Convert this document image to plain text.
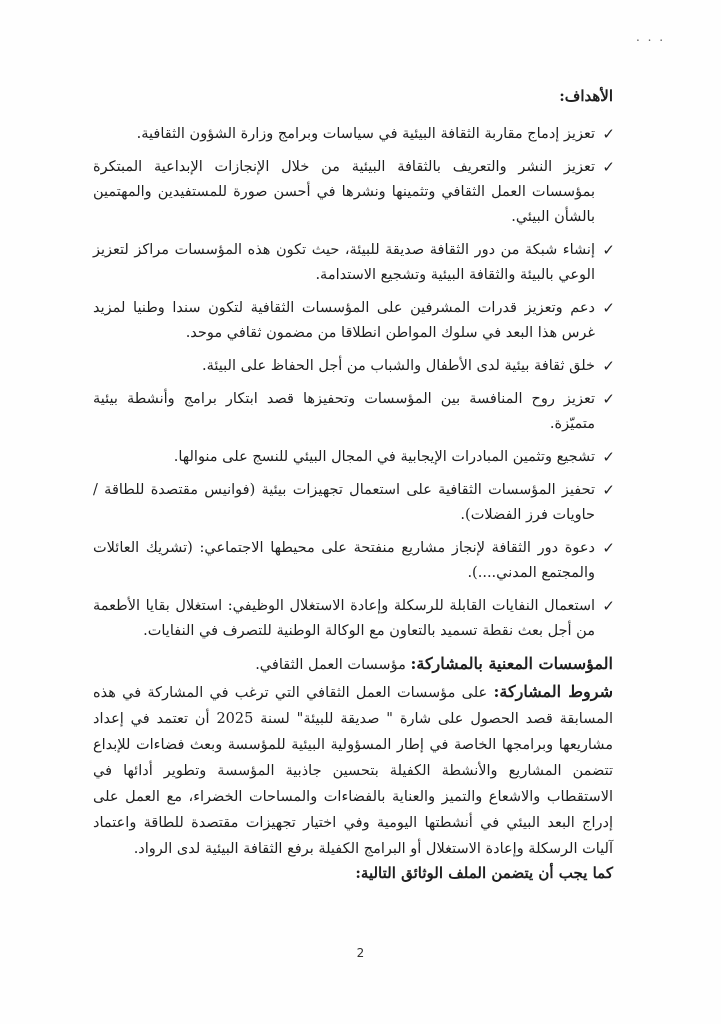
. . .
الأهداف:
✓
تعزيز إدماج مقاربة الثقافة البيئية في سياسات وبرامج وزارة الشؤون الثقافية.
✓
تعزيز النشر والتعريف بالثقافة البيئية من خلال الإنجازات الإبداعية المبتكرة بمؤسسات العمل الثقافي وتثمينها ونشرها في أحسن صورة للمستفيدين والمهتمين بالشأن البيئي.
✓
إنشاء شبكة من دور الثقافة صديقة للبيئة، حيث تكون هذه المؤسسات مراكز لتعزيز الوعي بالبيئة والثقافة البيئية وتشجيع الاستدامة.
✓
دعم وتعزيز قدرات المشرفين على المؤسسات الثقافية لتكون سندا وطنيا لمزيد غرس هذا البعد في سلوك المواطن انطلاقا من مضمون ثقافي موحد.
✓
خلق ثقافة بيئية لدى الأطفال والشباب من أجل الحفاظ على البيئة.
✓
تعزيز روح المنافسة بين المؤسسات وتحفيزها قصد ابتكار برامج وأنشطة بيئية متميّزة.
✓
تشجيع وتثمين المبادرات الإيجابية في المجال البيئي للنسج على منوالها.
✓
تحفيز المؤسسات الثقافية على استعمال تجهيزات بيئية (فوانيس مقتصدة للطاقة /حاويات فرز الفضلات).
✓
دعوة دور الثقافة لإنجاز مشاريع منفتحة على محيطها الاجتماعي: (تشريك العائلات والمجتمع المدني....).
✓
استعمال النفايات القابلة للرسكلة وإعادة الاستغلال الوظيفي: استغلال بقايا الأطعمة من أجل بعث نقطة تسميد بالتعاون مع الوكالة الوطنية للتصرف في النفايات.

المؤسسات المعنية بالمشاركة: مؤسسات العمل الثقافي.

شروط المشاركة: على مؤسسات العمل الثقافي التي ترغب في المشاركة في هذه المسابقة قصد الحصول على شارة " صديقة للبيئة" لسنة 2025 أن تعتمد في إعداد مشاريعها وبرامجها الخاصة في إطار المسؤولية البيئية للمؤسسة وبعث فضاءات للإبداع تتضمن المشاريع والأنشطة الكفيلة بتحسين جاذبية المؤسسة وتطوير أدائها في الاستقطاب والاشعاع والتميز والعناية بالفضاءات والمساحات الخضراء، مع العمل على إدراج البعد البيئي في أنشطتها اليومية وفي اختيار تجهيزات مقتصدة للطاقة واعتماد آليات الرسكلة وإعادة الاستغلال أو البرامج الكفيلة برفع الثقافة البيئية لدى الرواد.

كما يجب أن يتضمن الملف الوثائق التالية:

2
